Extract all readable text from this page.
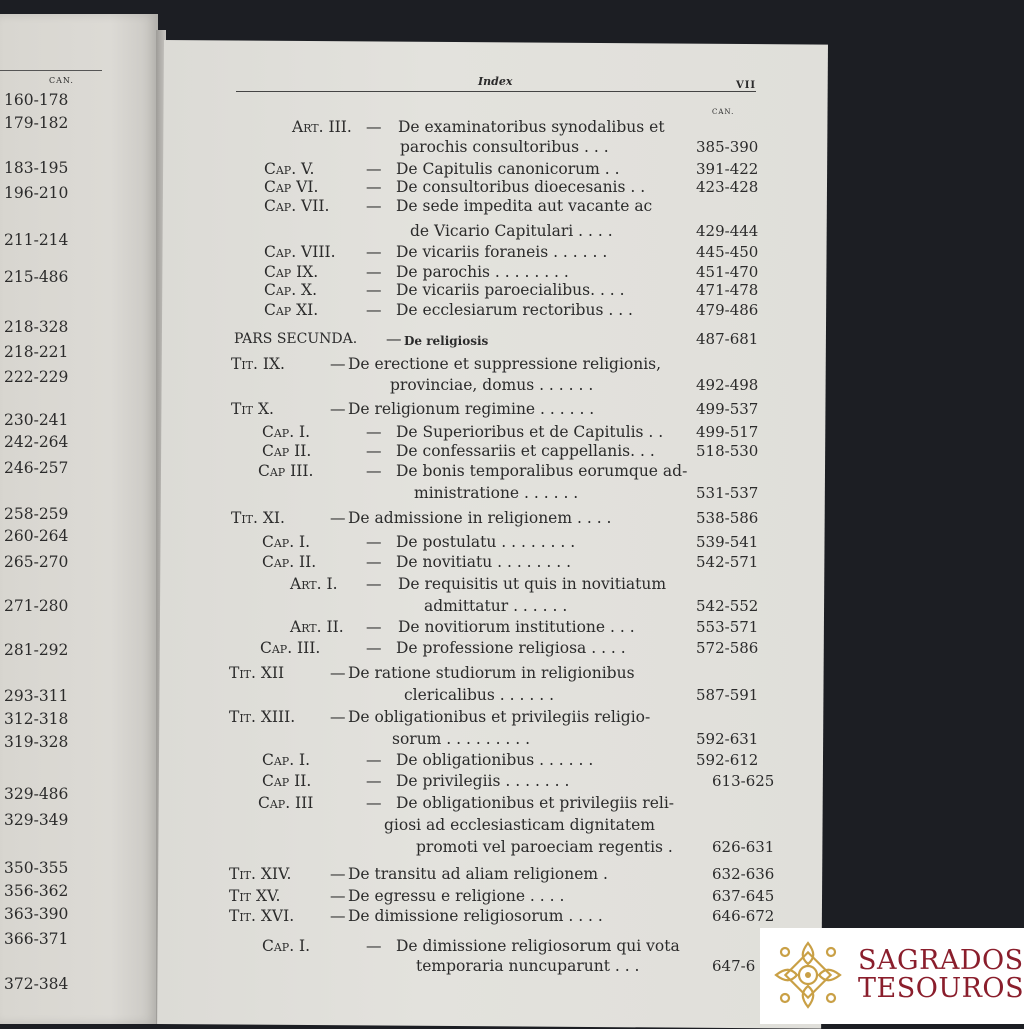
CAN.
160-178
179-182
183-195
196-210
211-214
215-486
218-328
218-221
222-229
230-241
242-264
246-257
258-259
260-264
265-270
271-280
281-292
293-311
312-318
319-328
329-486
329-349
350-355
356-362
363-390
366-371
372-384
Index	VII
CAN.
Art. III. — De examinatoribus synodalibus et
parochis consultoribus . . .	385-390
Cap. V.	— De Capitulis canonicorum . .	391-422
Cap VI.	— De consultoribus dioecesanis . .	423-428
Cap. VII. — De sede impedita aut vacante ac
de Vicario Capitulari . . . .	429-444
Cap. VIII. — De vicariis foraneis . . . . . .	445-450
Cap IX.	— De parochis . . . . . . . .	451-470
Cap. X.	— De vicariis paroecialibus. . . .	471-478
Cap XI.	— De ecclesiarum rectoribus . . .	479-486
PARS SECUNDA. — De religiosis	487-681
Tit. IX.	— De erectione et suppressione religionis,
provinciae, domus . . . . . .	492-498
Tit X.	— De religionum regimine . . . . . .	499-537
Cap. I.	— De Superioribus et de Capitulis . . 499-517
Cap II.	— De confessariis et cappellanis. . .	518-530
Cap III.	— De bonis temporalibus eorumque ad-
ministratione . . . . . .	531-537
Tit. XI.	— De admissione in religionem . . . .	538-586
Cap. I.	— De postulatu . . . . . . . .	539-541
Cap. II.	— De novitiatu . . . . . . . .	542-571
Art. I. — De requisitis ut quis in novitiatum
admittatur . . . . . .	542-552
Art. II. — De novitiorum institutione . . .	553-571
Cap. III.	— De professione religiosa . . . .	572-586
Tit. XII	— De ratione studiorum in religionibus
clericalibus . . . . . .	587-591
Tit. XIII. — De obligationibus et privilegiis religio-
sorum . . . . . . . . .	592-631
Cap. I.	— De obligationibus . . . . . .	592-612
Cap II.	— De privilegiis . . . . . . .	613-625
Cap. III	— De obligationibus et privilegiis reli-
giosi ad ecclesiasticam dignitatem
promoti vel paroeciam regentis .	626-631
Tit. XIV. — De transitu ad aliam religionem .	632-636
Tit XV.	— De egressu e religione . . . .	637-645
Tit. XVI. — De dimissione religiosorum . . . .	646-672
Cap. I.	— De dimissione religiosorum qui vota
temporaria nuncuparunt . . .	647-6	SAGRADOS
TESOUROS
